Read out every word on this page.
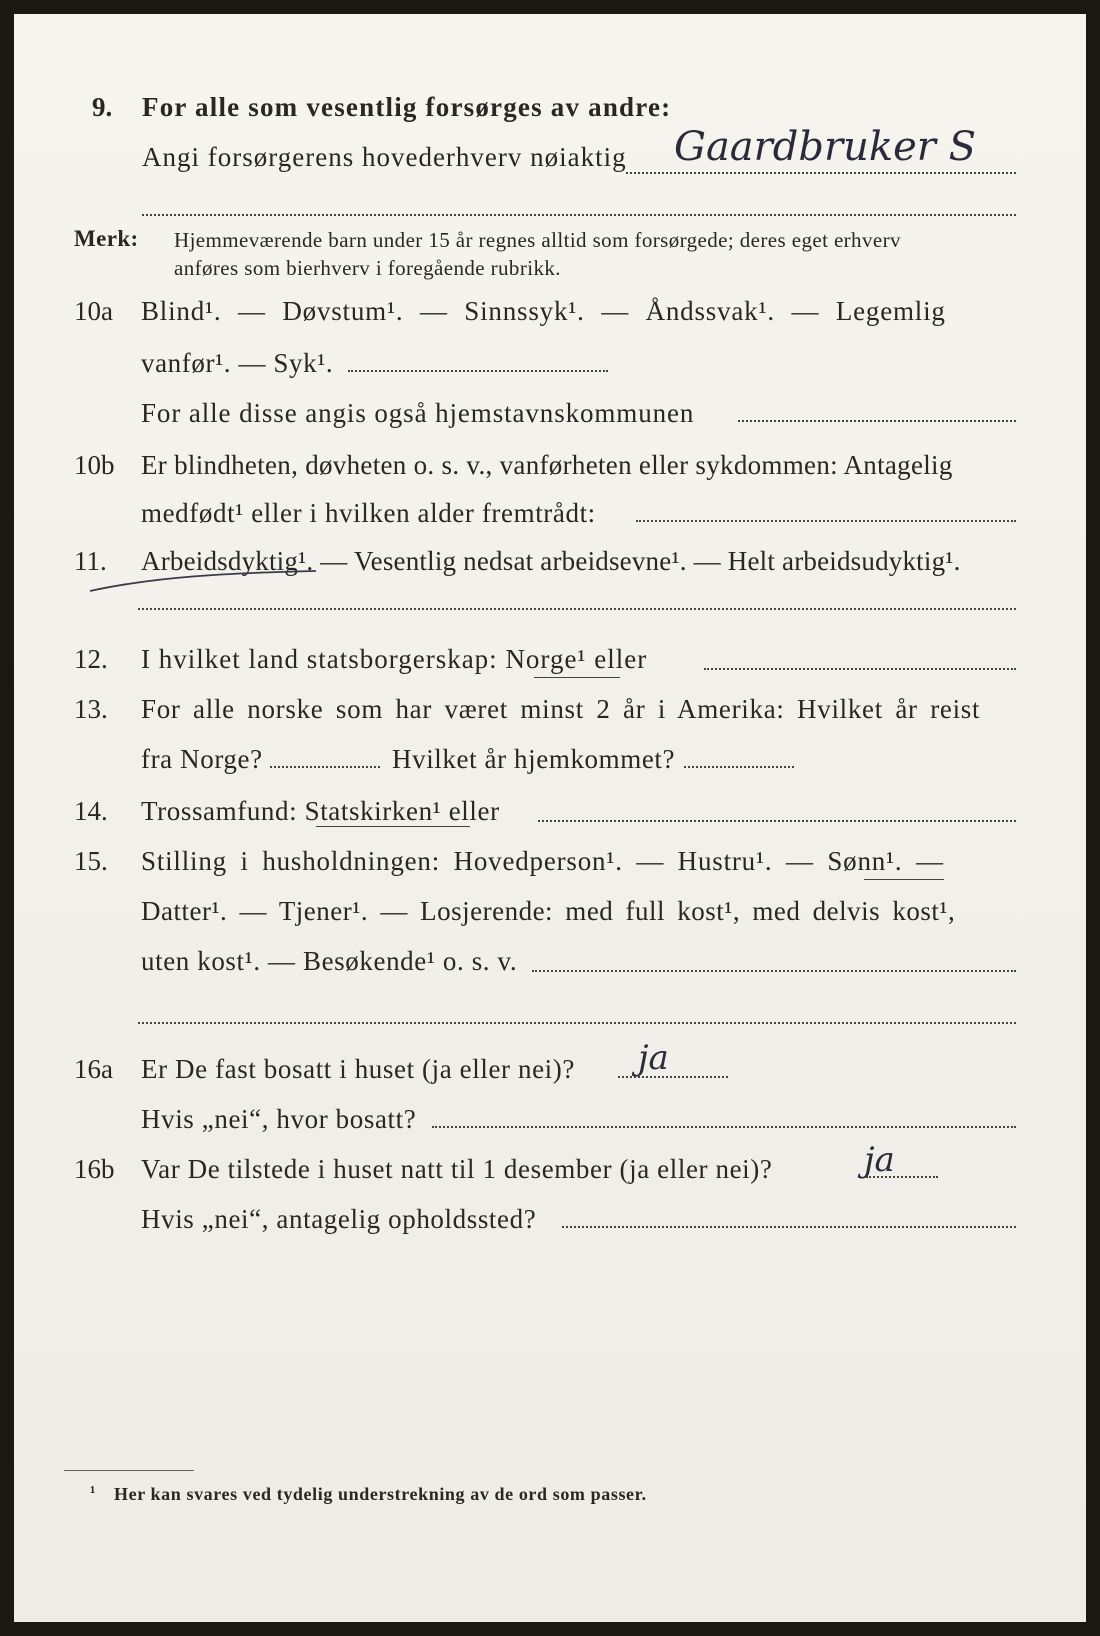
9. For alle som vesentlig forsørges av andre:
Angi forsørgerens hovederhverv nøiaktig Gaardbruker S
Merk: Hjemmeværende barn under 15 år regnes alltid som forsørgede; deres eget erhverv
anføres som bierhverv i foregående rubrikk.
10a Blind¹. — Døvstum¹. — Sinnssyk¹. — Åndssvak¹. — Legemlig
vanfør¹. — Syk¹.
For alle disse angis også hjemstavnskommunen
10b Er blindheten, døvheten o. s. v., vanførheten eller sykdommen: Antagelig
medfødt¹ eller i hvilken alder fremtrådt:
11. Arbeidsdyktig¹. — Vesentlig nedsat arbeidsevne¹. — Helt arbeidsudyktig¹.
12. I hvilket land statsborgerskap: Norge¹ eller
13. For alle norske som har været minst 2 år i Amerika: Hvilket år reist
fra Norge?	Hvilket år hjemkommet?
14. Trossamfund: Statskirken¹ eller
15. Stilling i husholdningen: Hovedperson¹. — Hustru¹. — Sønn¹. —
Datter¹. — Tjener¹. — Losjerende: med full kost¹, med delvis kost¹,
uten kost¹. — Besøkende¹ o. s. v.
16a Er De fast bosatt i huset (ja eller nei)? ja
Hvis „nei“, hvor bosatt?
16b Var De tilstede i huset natt til 1 desember (ja eller nei)?	ja
Hvis „nei“, antagelig opholdssted?
¹ Her kan svares ved tydelig understrekning av de ord som passer.
